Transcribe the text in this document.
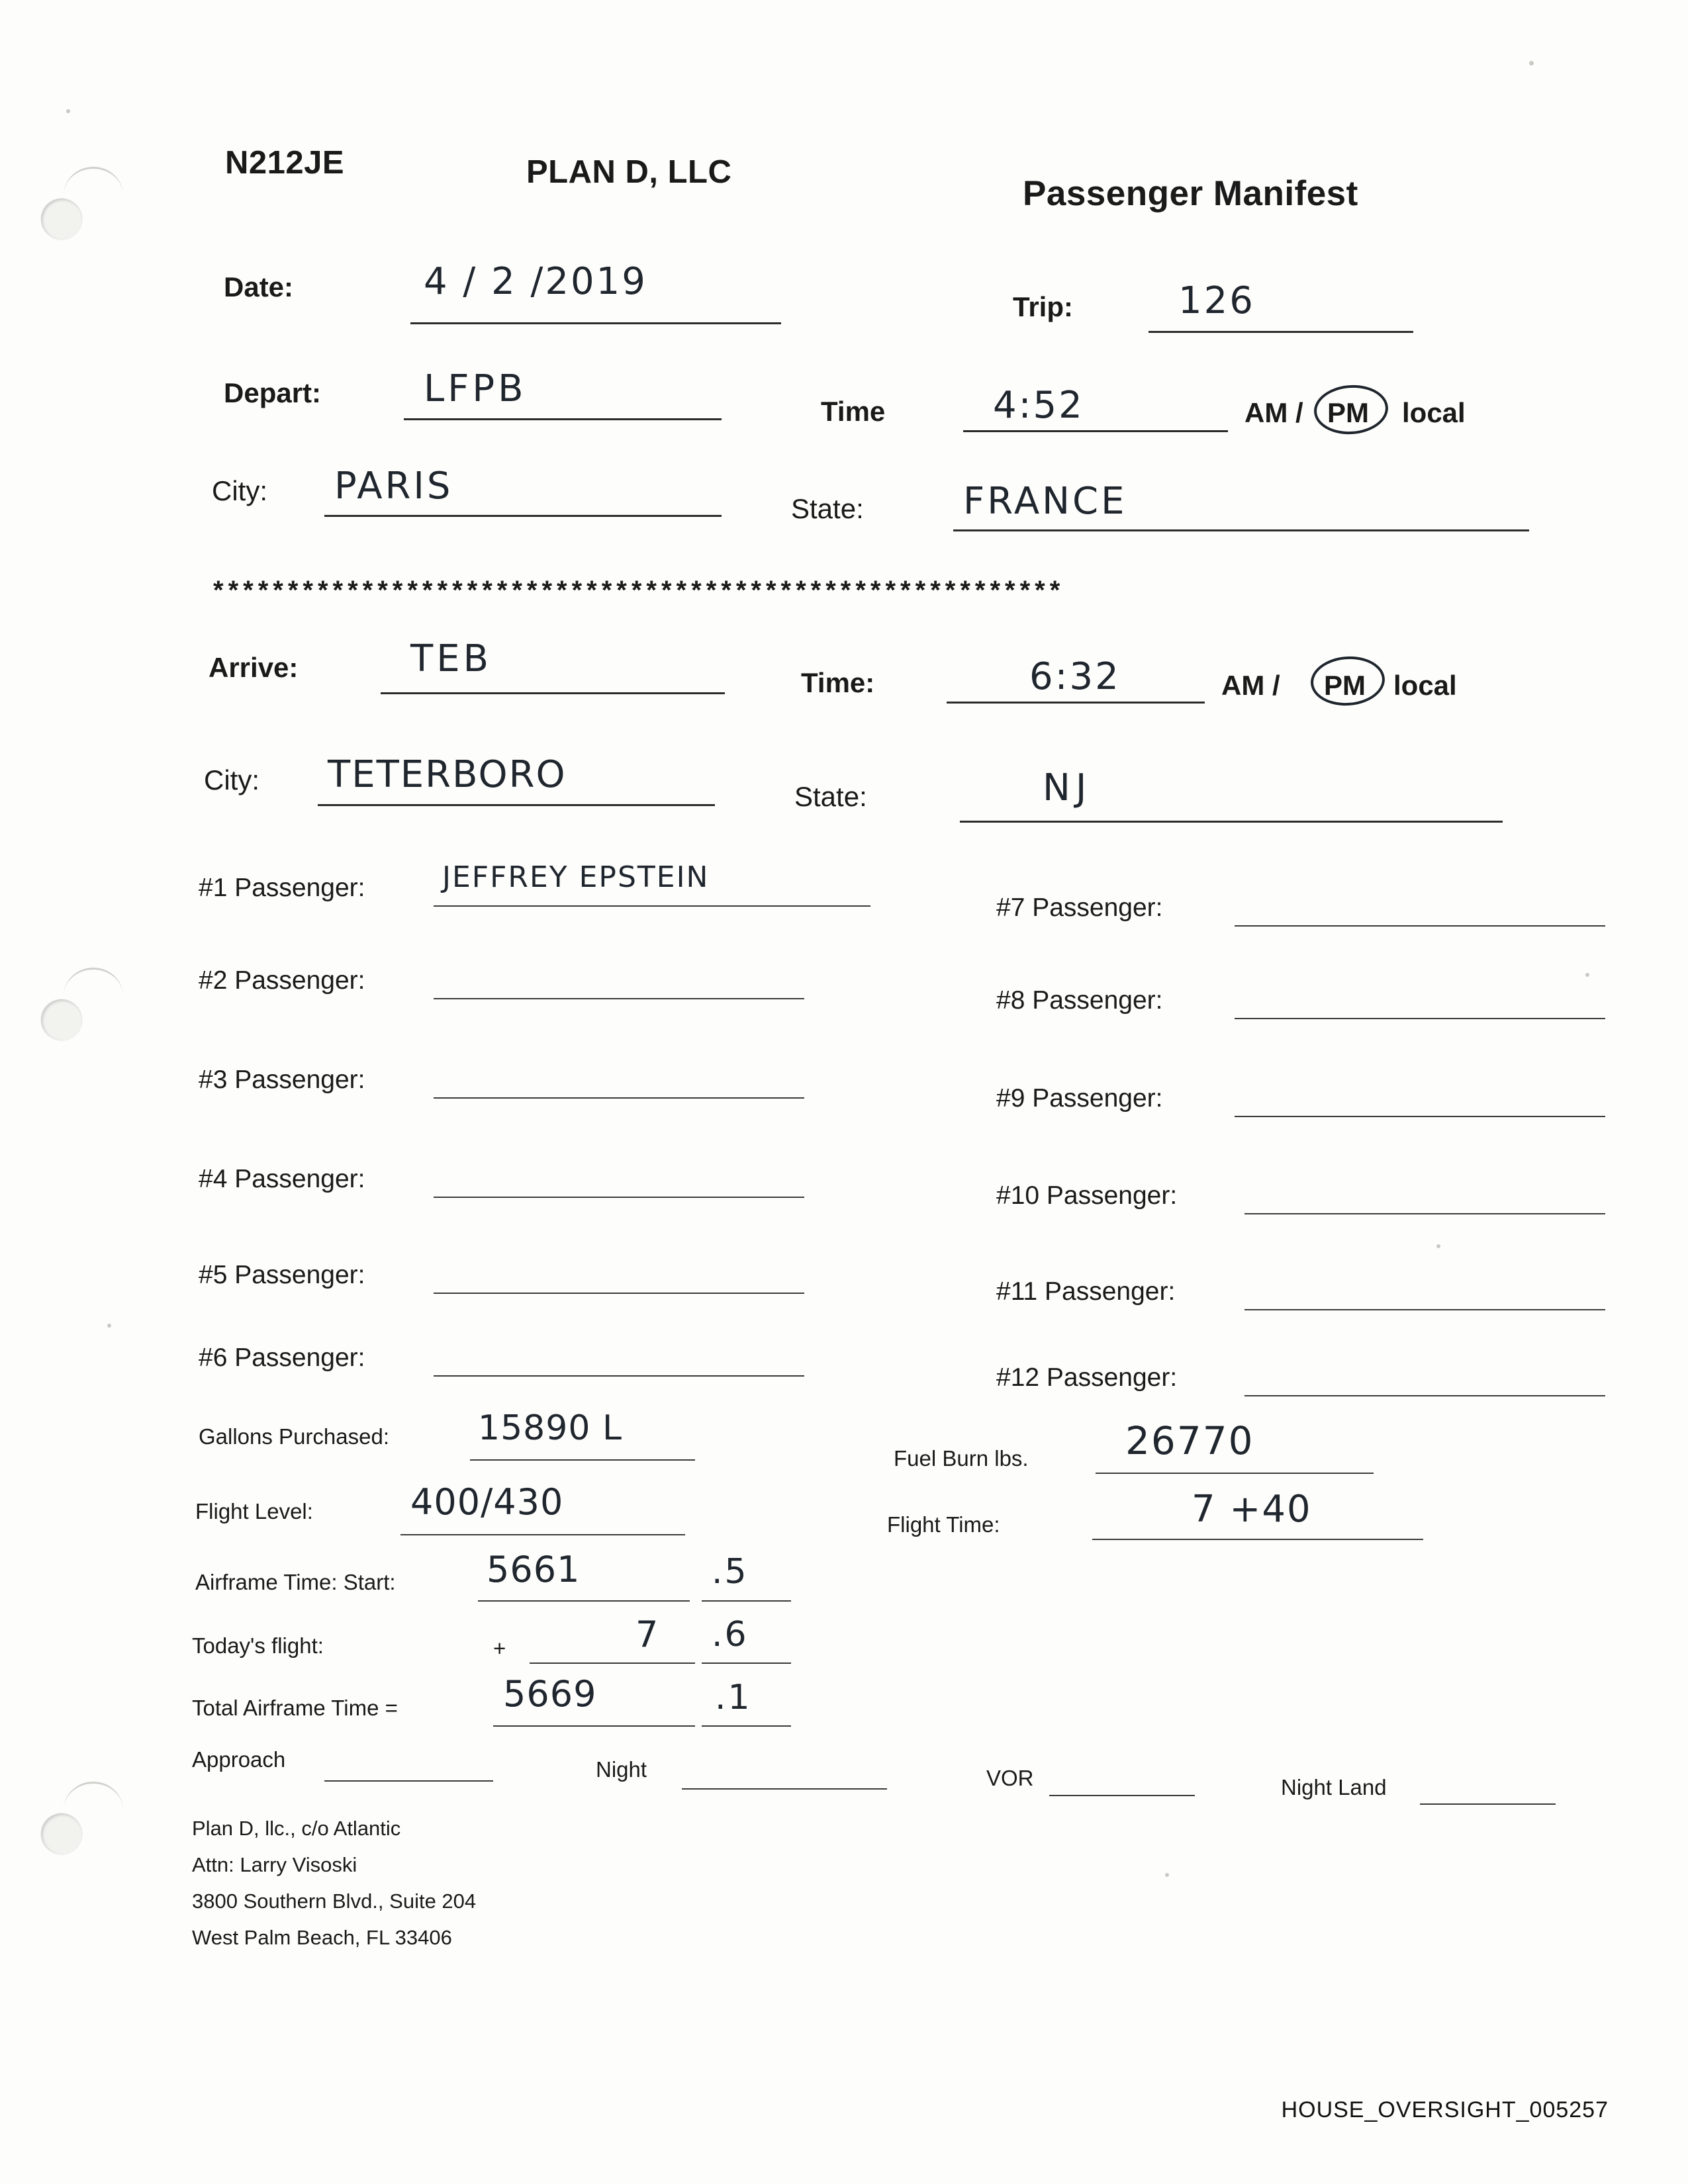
N212JE	PLAN D, LLC
Passenger Manifest
Date:	4 / 2 /2019
Trip:	126
Depart:	LFPB
Time	4:52	AM / PM local
City: PARIS
State:	FRANCE
*********************************************************
Arrive:	TEB
Time:	6:32	AM / PM local
City: TETERBORO
State:	NJ
#1 Passenger:	JEFFREY EPSTEIN
#2 Passenger:
#3 Passenger:
#4 Passenger:
#5 Passenger:
#6 Passenger:
#7 Passenger:
#8 Passenger:
#9 Passenger:
#10 Passenger:
#11 Passenger:
#12 Passenger:
Gallons Purchased:	15890 L
Fuel Burn lbs.	26770
Flight Level:	400/430
Flight Time:	7 +40
Airframe Time: Start:	5661	.5
Today's flight:	+	7 .6
Total Airframe Time =	5669	.1
Approach	Night	VOR	Night Land
Plan D, llc., c/o Atlantic
Attn: Larry Visoski
3800 Southern Blvd., Suite 204
West Palm Beach, FL 33406
HOUSE_OVERSIGHT_005257
